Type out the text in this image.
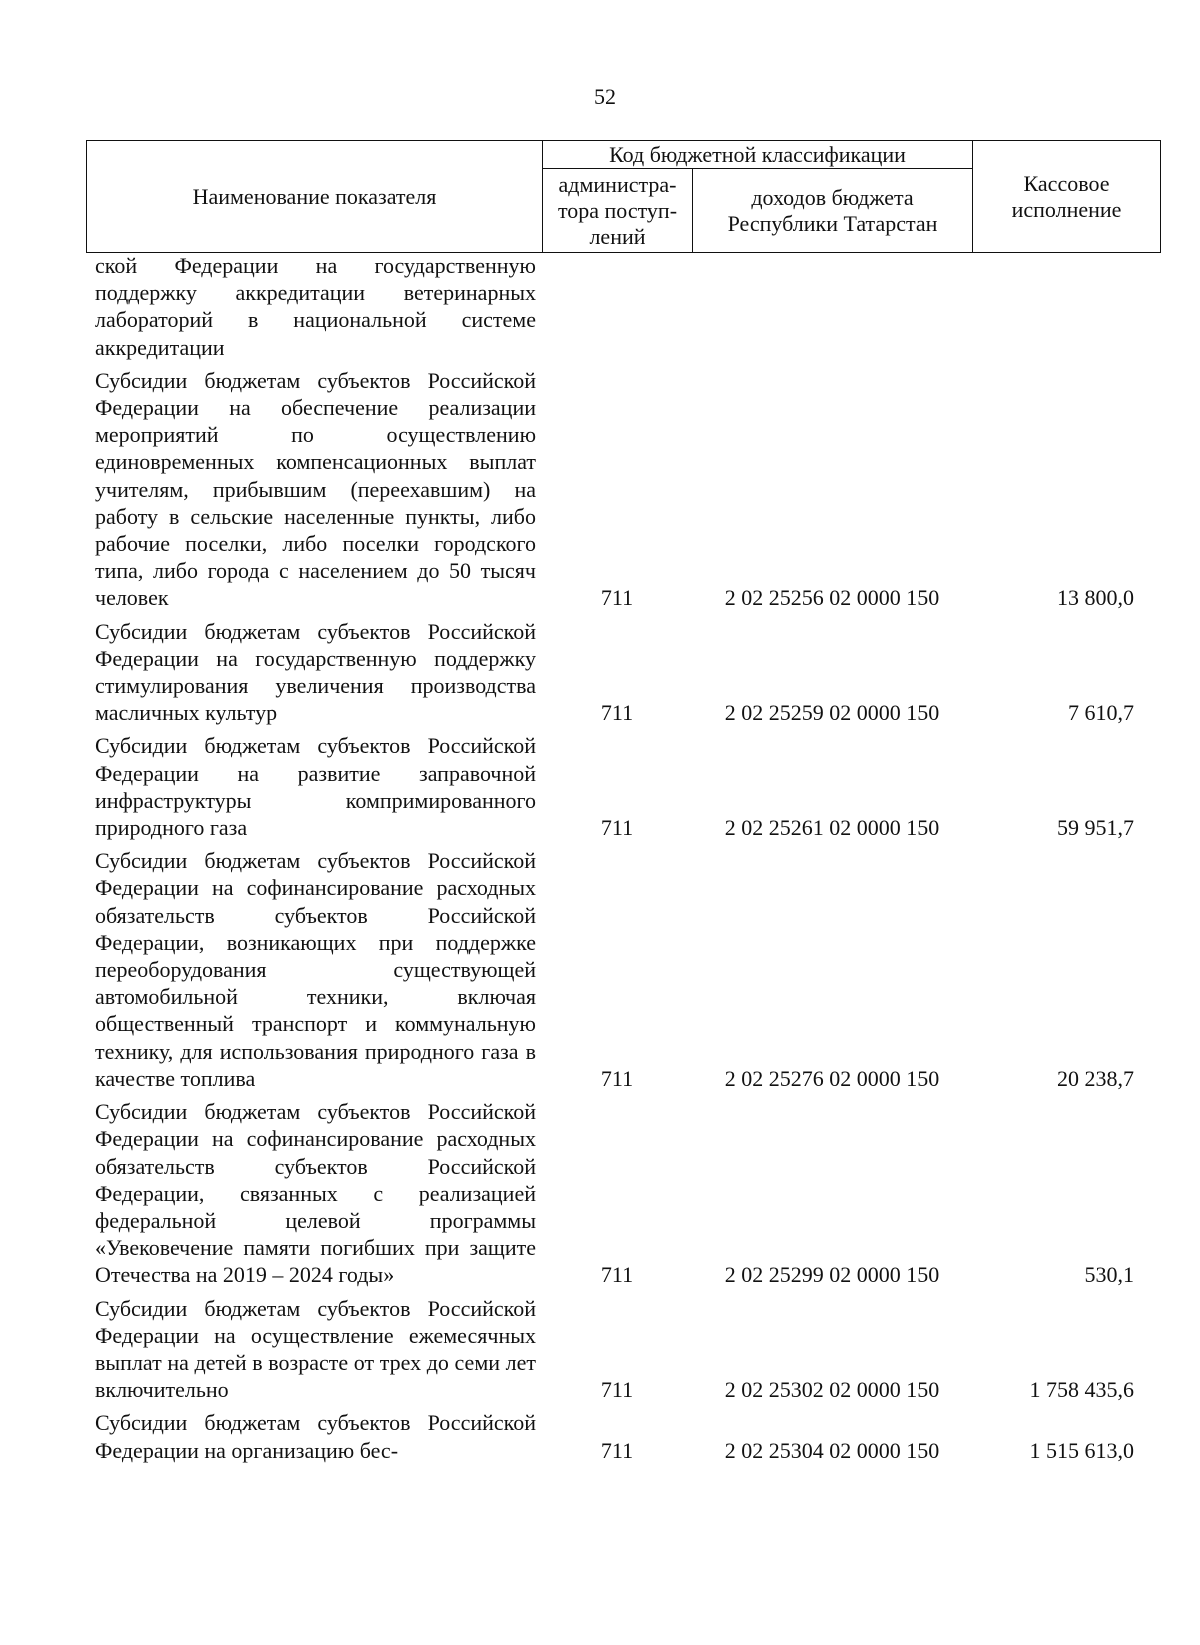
52
Наименование показателя	Код бюджетной классификации		Кассовое исполнение
	администра-тора поступ-лений	доходов бюджета Республики Татарстан	
ской Федерации на государственную поддержку аккредитации ветеринарных лабораторий в национальной системе аккредитации			
Субсидии бюджетам субъектов Российской Федерации на обеспечение реализации мероприятий по осуществлению единовременных компенсационных выплат учителям, прибывшим (переехавшим) на работу в сельские населенные пункты, либо рабочие поселки, либо поселки городского типа, либо города с населением до 50 тысяч человек	711	2 02 25256 02 0000 150	13 800,0
Субсидии бюджетам субъектов Российской Федерации на государственную поддержку стимулирования увеличения производства масличных культур	711	2 02 25259 02 0000 150	7 610,7
Субсидии бюджетам субъектов Российской Федерации на развитие заправочной инфраструктуры компримированного природного газа	711	2 02 25261 02 0000 150	59 951,7
Субсидии бюджетам субъектов Российской Федерации на софинансирование расходных обязательств субъектов Российской Федерации, возникающих при поддержке переоборудования существующей автомобильной техники, включая общественный транспорт и коммунальную технику, для использования природного газа в качестве топлива	711	2 02 25276 02 0000 150	20 238,7
Субсидии бюджетам субъектов Российской Федерации на софинансирование расходных обязательств субъектов Российской Федерации, связанных с реализацией федеральной целевой программы «Увековечение памяти погибших при защите Отечества на 2019 – 2024 годы»	711	2 02 25299 02 0000 150	530,1
Субсидии бюджетам субъектов Российской Федерации на осуществление ежемесячных выплат на детей в возрасте от трех до семи лет включительно	711	2 02 25302 02 0000 150	1 758 435,6
Субсидии бюджетам субъектов Российской Федерации на организацию бес-	711	2 02 25304 02 0000 150	1 515 613,0
